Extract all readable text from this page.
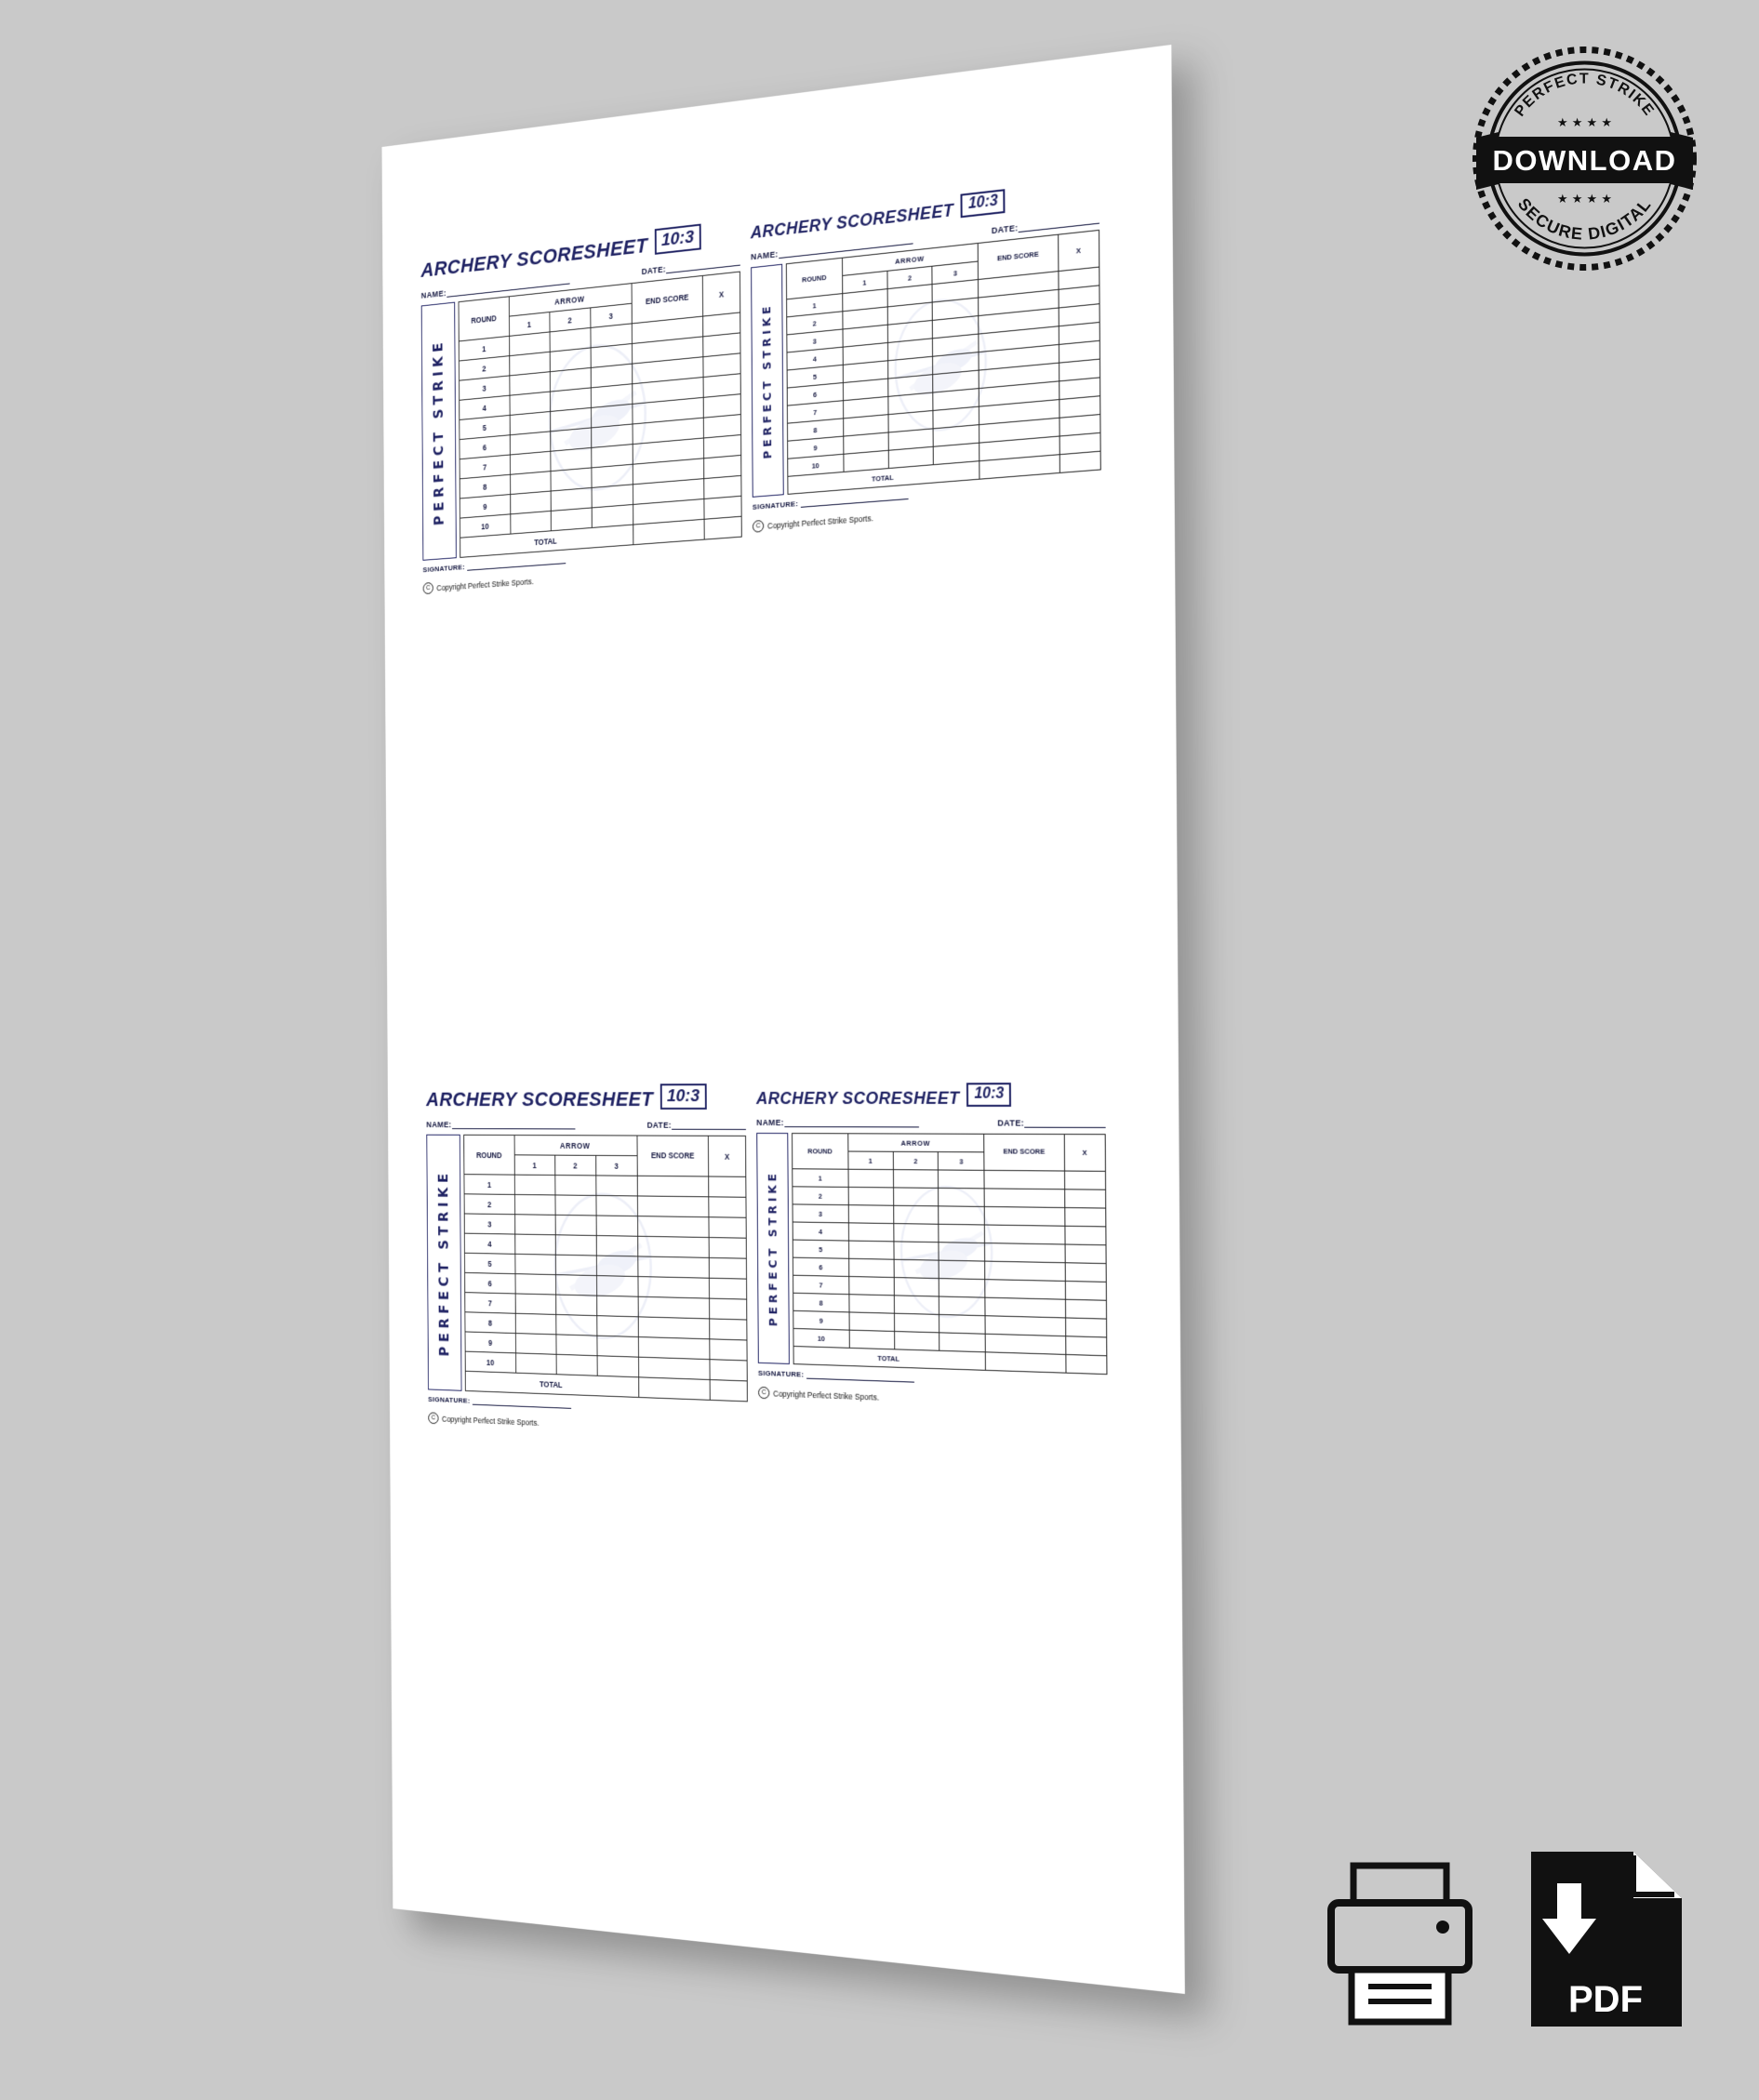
ARCHERY SCORESHEET 10:3
NAME:
DATE:
PERFECT STRIKE
ROUND	ARROW			END SCORE	X
	1	2	3		
1					
2					
3					
4					
5					
6					
7					
8					
9					
10					
TOTAL					
SIGNATURE:
C Copyright Perfect Strike Sports.
ARCHERY SCORESHEET 10:3
NAME:
DATE:
PERFECT STRIKE
ROUND	ARROW			END SCORE	X
	1	2	3		
1					
2					
3					
4					
5					
6					
7					
8					
9					
10					
TOTAL					
SIGNATURE:
C Copyright Perfect Strike Sports.
ARCHERY SCORESHEET 10:3
NAME:	DATE:
PERFECT STRIKE
ROUND	ARROW			END SCORE	X
	1	2	3		
1					
2					
3					
4					
5					
6					
7					
8					
9					
10					
TOTAL					
SIGNATURE:
C Copyright Perfect Strike Sports.
ARCHERY SCORESHEET 10:3
NAME:	DATE:
PERFECT STRIKE
ROUND	ARROW			END SCORE	X
	1	2	3		
1					
2					
3					
4					
5					
6					
7					
8					
9					
10					
TOTAL					
SIGNATURE:
C Copyright Perfect Strike Sports.
PERFECT STRIKE
SECURE DIGITAL
★ ★ ★ ★
★ ★ ★ ★
DOWNLOAD
PDF
